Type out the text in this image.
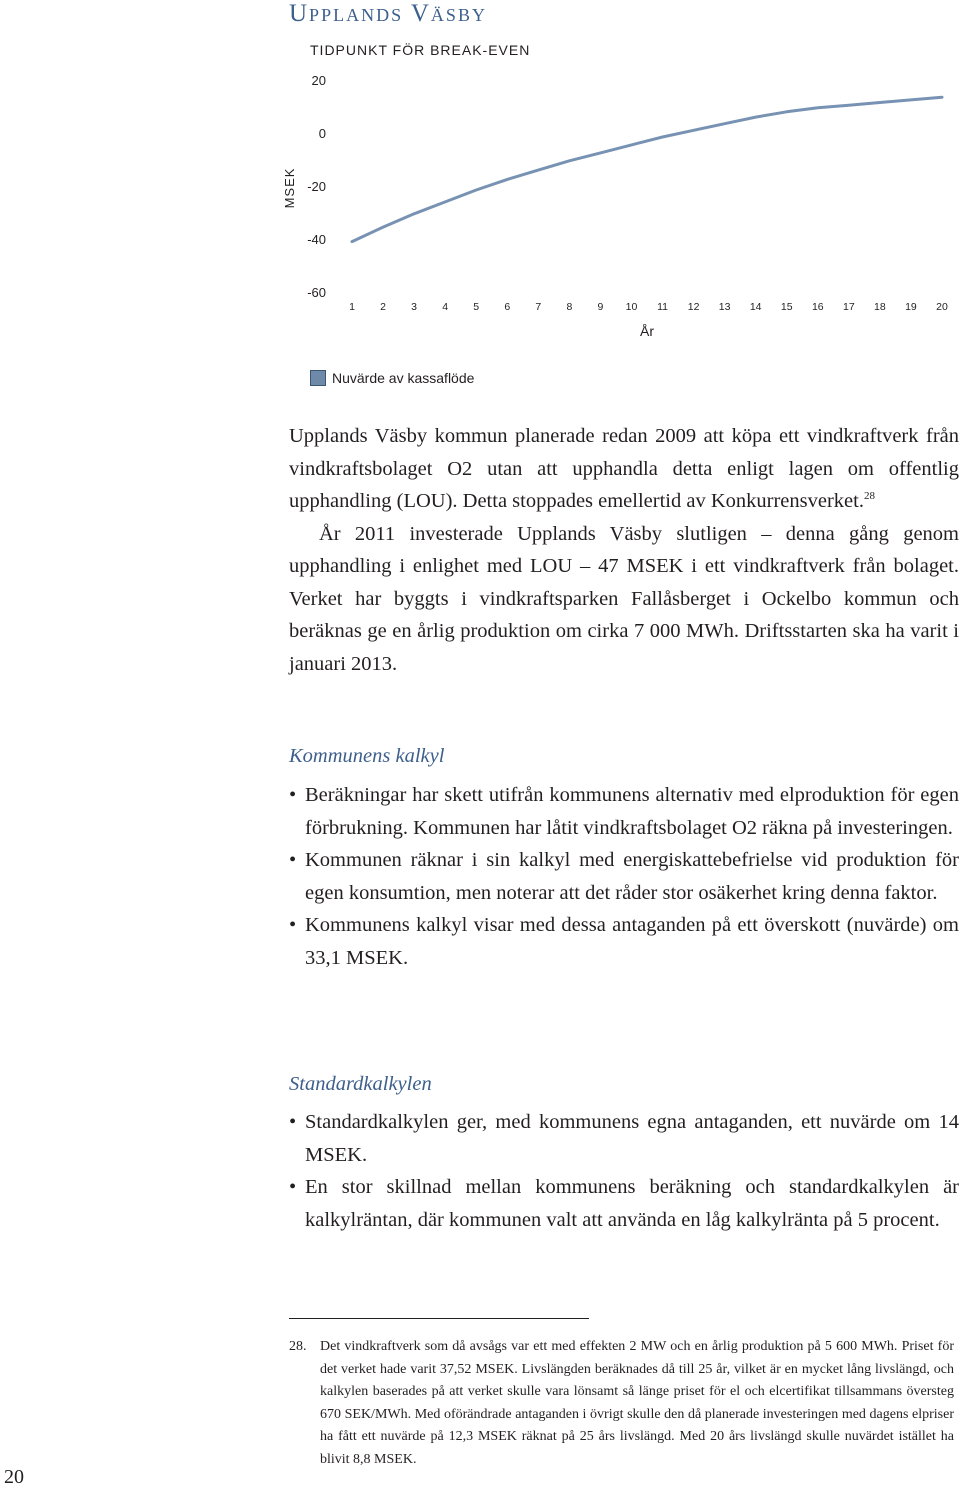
Upplands Väsby
TIDPUNKT FÖR BREAK-EVEN
MSEK
År
20
0
-20
-40
-60
1 2 3 4 5 6 7 8 9 10 11 12 13 14 15 16 17 18 19 20
Nuvärde av kassaflöde

Upplands Väsby kommun planerade redan 2009 att köpa ett vindkraftverk från vindkraftsbolaget O2 utan att upphandla detta enligt lagen om offentlig upphandling (LOU). Detta stoppades emellertid av Konkurrensverket.$^{28}$

År 2011 investerade Upplands Väsby slutligen – denna gång genom upphandling i enlighet med LOU – 47 MSEK i ett vindkraftverk från bolaget. Verket har byggts i vindkraftsparken Fallåsberget i Ockelbo kommun och beräknas ge en årlig produktion om cirka 7 000 MWh. Driftsstarten ska ha varit i januari 2013.

Kommunens kalkyl
• Beräkningar har skett utifrån kommunens alternativ med elproduktion för egen förbrukning. Kommunen har låtit vindkraftsbolaget O2 räkna på investeringen.
• Kommunen räknar i sin kalkyl med energiskattebefrielse vid produktion för egen konsumtion, men noterar att det råder stor osäkerhet kring denna faktor.
• Kommunens kalkyl visar med dessa antaganden på ett överskott (nuvärde) om 33,1 MSEK.
Standardkalkylen
• Standardkalkylen ger, med kommunens egna antaganden, ett nuvärde om 14 MSEK.
• En stor skillnad mellan kommunens beräkning och standardkalkylen är kalkylräntan, där kommunen valt att använda en låg kalkylränta på 5 procent.
28. Det vindkraftverk som då avsågs var ett med effekten 2 MW och en årlig produktion på 5 600 MWh. Priset för det verket hade varit 37,52 MSEK. Livslängden beräknades då till 25 år, vilket är en mycket lång livslängd, och kalkylen baserades på att verket skulle vara lönsamt så länge priset för el och elcertifikat tillsammans översteg 670 SEK/MWh. Med oförändrade antaganden i övrigt skulle den då planerade investeringen med dagens elpriser ha fått ett nuvärde på 12,3 MSEK räknat på 25 års livslängd. Med 20 års livslängd skulle nuvärdet istället ha blivit 8,8 MSEK.
20
